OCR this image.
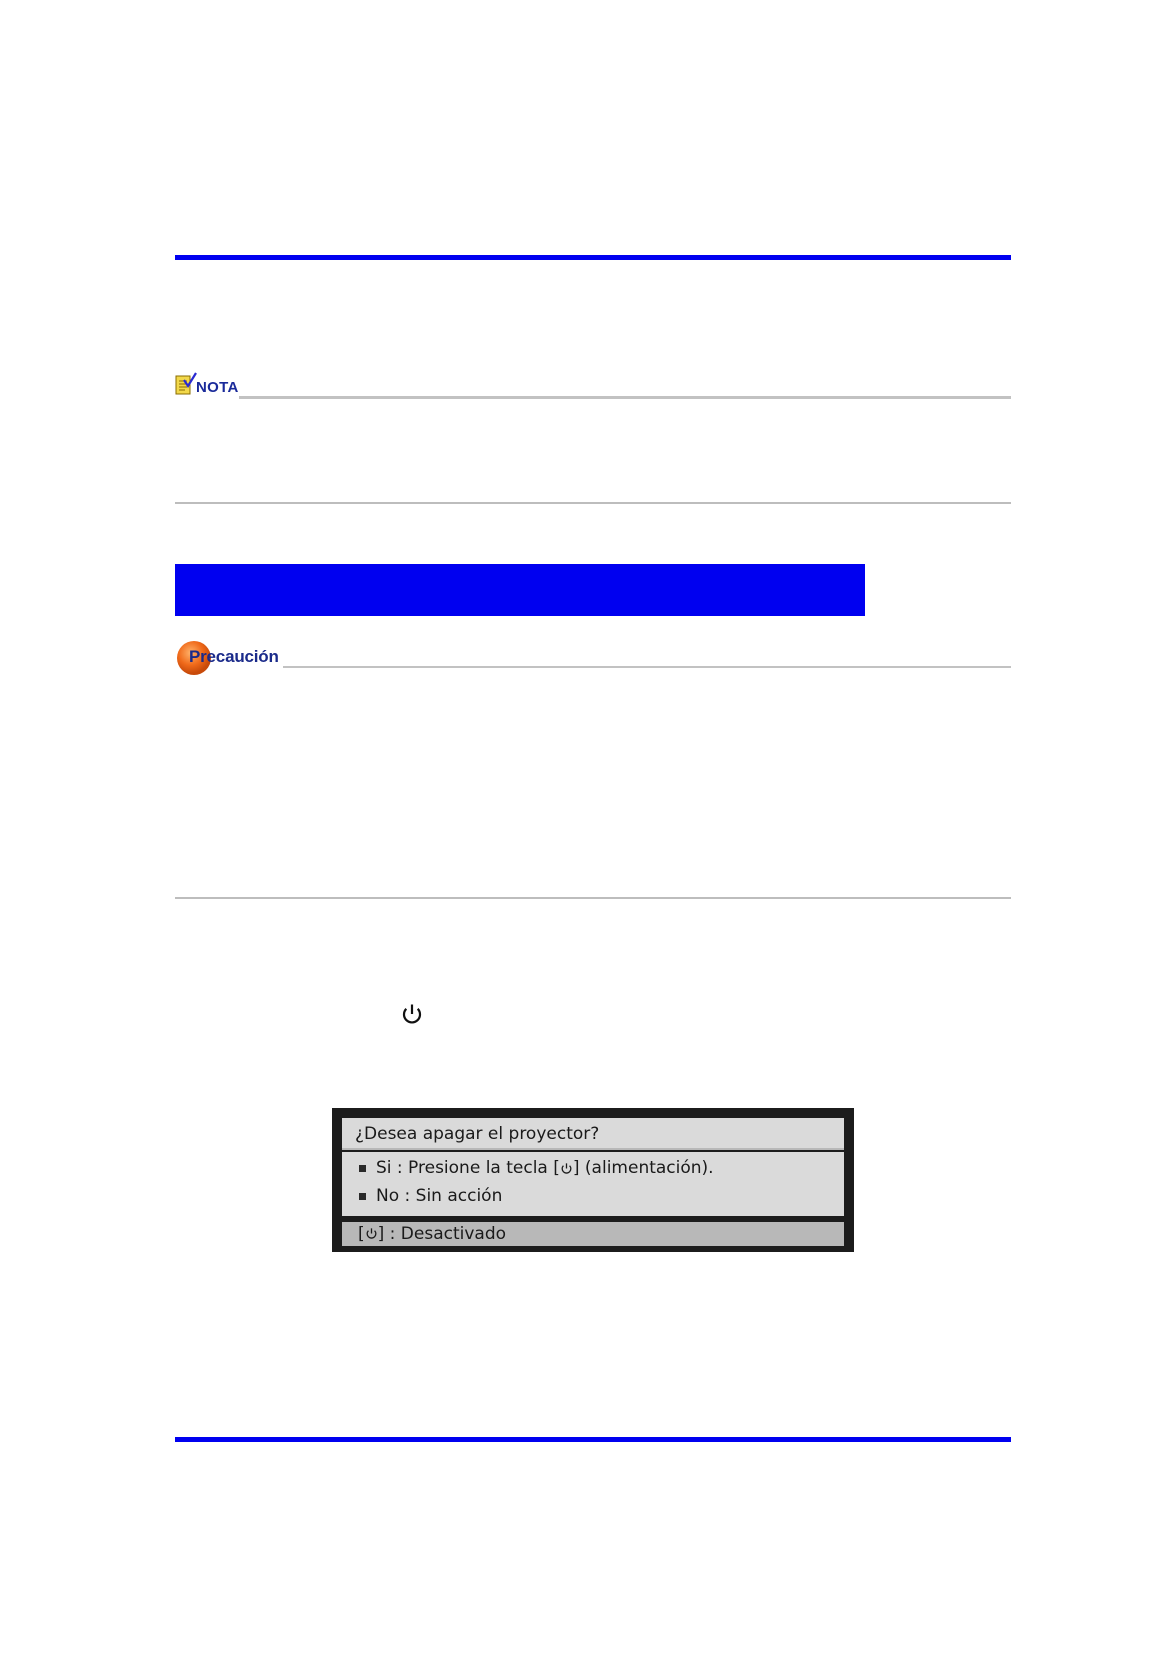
NOTA
Precaución
¿Desea apagar el proyector?
Si : Presione la tecla [ ] (alimentación).
No : Sin acción
[ ] : Desactivado
